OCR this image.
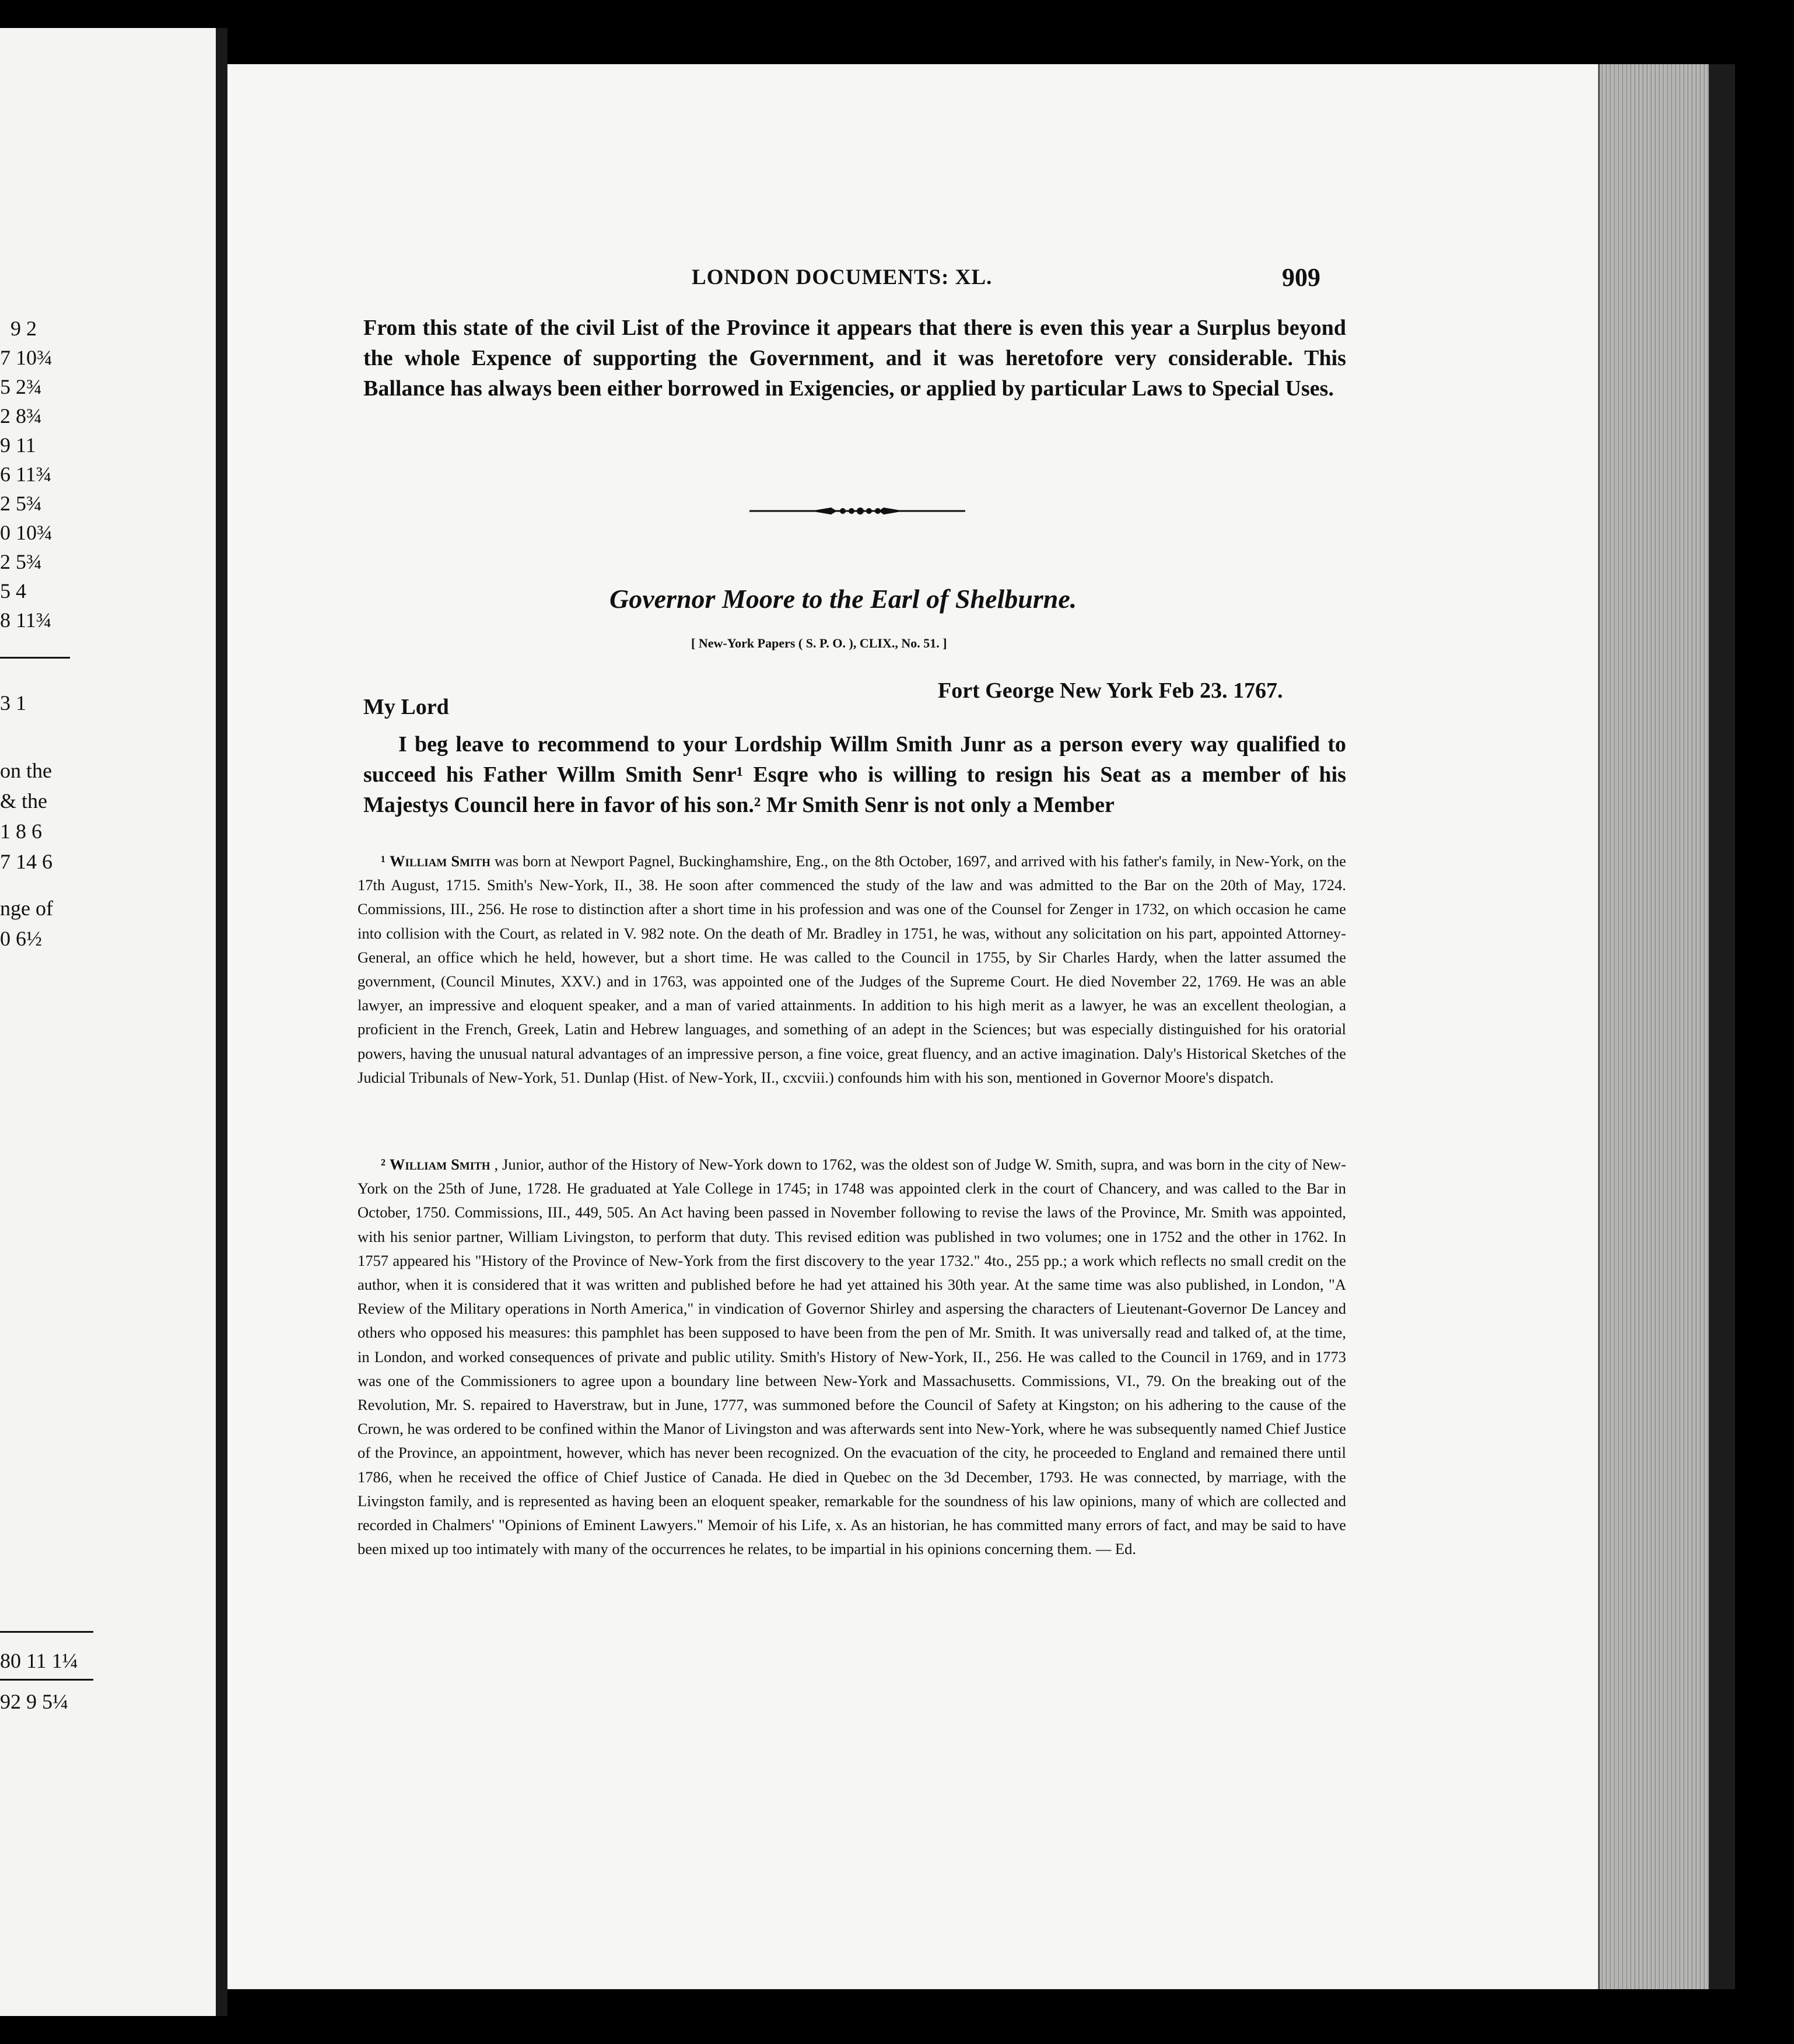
9 2
7 10¾
5 2¾
2 8¾
9 11
6 11¾
2 5¾
0 10¾
2 5¾
5 4
8 11¾
3 1
on the
& the
1 8 6
7 14 6
nge of
0 6½
80 11 1¼
92 9 5¼
LONDON DOCUMENTS: XL.	909
From this state of the civil List of the Province it appears that there is even this year a Surplus beyond the whole Expence of supporting the Government, and it was heretofore very considerable. This Ballance has always been either borrowed in Exigencies, or applied by particular Laws to Special Uses.
Governor Moore to the Earl of Shelburne.
[ New-York Papers ( S. P. O. ), CLIX., No. 51. ]
Fort George New York Feb 23. 1767.
My Lord
I beg leave to recommend to your Lordship Willm Smith Junr as a person every way qualified to succeed his Father Willm Smith Senr¹ Esqre who is willing to resign his Seat as a member of his Majestys Council here in favor of his son.² Mr Smith Senr is not only a Member
¹ William Smith was born at Newport Pagnel, Buckinghamshire, Eng., on the 8th October, 1697, and arrived with his father's family, in New-York, on the 17th August, 1715. Smith's New-York, II., 38. He soon after commenced the study of the law and was admitted to the Bar on the 20th of May, 1724. Commissions, III., 256. He rose to distinction after a short time in his profession and was one of the Counsel for Zenger in 1732, on which occasion he came into collision with the Court, as related in V. 982 note. On the death of Mr. Bradley in 1751, he was, without any solicitation on his part, appointed Attorney-General, an office which he held, however, but a short time. He was called to the Council in 1755, by Sir Charles Hardy, when the latter assumed the government, (Council Minutes, XXV.) and in 1763, was appointed one of the Judges of the Supreme Court. He died November 22, 1769. He was an able lawyer, an impressive and eloquent speaker, and a man of varied attainments. In addition to his high merit as a lawyer, he was an excellent theologian, a proficient in the French, Greek, Latin and Hebrew languages, and something of an adept in the Sciences; but was especially distinguished for his oratorial powers, having the unusual natural advantages of an impressive person, a fine voice, great fluency, and an active imagination. Daly's Historical Sketches of the Judicial Tribunals of New-York, 51. Dunlap (Hist. of New-York, II., cxcviii.) confounds him with his son, mentioned in Governor Moore's dispatch.
² William Smith , Junior, author of the History of New-York down to 1762, was the oldest son of Judge W. Smith, supra, and was born in the city of New-York on the 25th of June, 1728. He graduated at Yale College in 1745; in 1748 was appointed clerk in the court of Chancery, and was called to the Bar in October, 1750. Commissions, III., 449, 505. An Act having been passed in November following to revise the laws of the Province, Mr. Smith was appointed, with his senior partner, William Livingston, to perform that duty. This revised edition was published in two volumes; one in 1752 and the other in 1762. In 1757 appeared his "History of the Province of New-York from the first discovery to the year 1732." 4to., 255 pp.; a work which reflects no small credit on the author, when it is considered that it was written and published before he had yet attained his 30th year. At the same time was also published, in London, "A Review of the Military operations in North America," in vindication of Governor Shirley and aspersing the characters of Lieutenant-Governor De Lancey and others who opposed his measures: this pamphlet has been supposed to have been from the pen of Mr. Smith. It was universally read and talked of, at the time, in London, and worked consequences of private and public utility. Smith's History of New-York, II., 256. He was called to the Council in 1769, and in 1773 was one of the Commissioners to agree upon a boundary line between New-York and Massachusetts. Commissions, VI., 79. On the breaking out of the Revolution, Mr. S. repaired to Haverstraw, but in June, 1777, was summoned before the Council of Safety at Kingston; on his adhering to the cause of the Crown, he was ordered to be confined within the Manor of Livingston and was afterwards sent into New-York, where he was subsequently named Chief Justice of the Province, an appointment, however, which has never been recognized. On the evacuation of the city, he proceeded to England and remained there until 1786, when he received the office of Chief Justice of Canada. He died in Quebec on the 3d December, 1793. He was connected, by marriage, with the Livingston family, and is represented as having been an eloquent speaker, remarkable for the soundness of his law opinions, many of which are collected and recorded in Chalmers' "Opinions of Eminent Lawyers." Memoir of his Life, x. As an historian, he has committed many errors of fact, and may be said to have been mixed up too intimately with many of the occurrences he relates, to be impartial in his opinions concerning them. — Ed.
